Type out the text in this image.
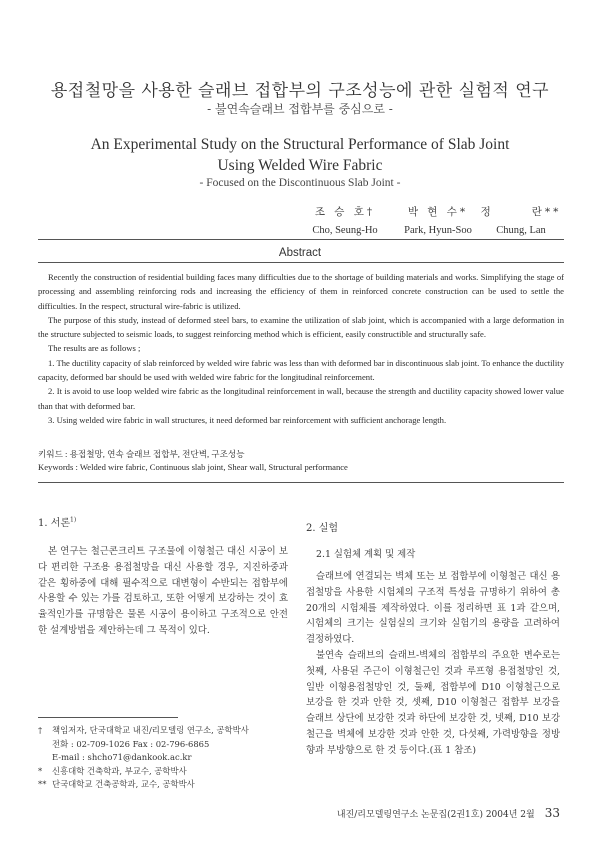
용접철망을 사용한 슬래브 접합부의 구조성능에 관한 실험적 연구
- 불연속슬래브 접합부를 중심으로 -
An Experimental Study on the Structural Performance of Slab Joint
Using Welded Wire Fabric
- Focused on the Discontinuous Slab Joint -
조 승 호†
Cho, Seung-Ho
박 현 수*
Park, Hyun-Soo
정      란**
Chung, Lan
Abstract

Recently the construction of residential building faces many difficulties due to the shortage of building materials and works. Simplifying the stage of processing and assembling reinforcing rods and increasing the efficiency of them in reinforced concrete construction can be used to settle the difficulties. In the respect, structural wire-fabric is utilized.

The purpose of this study, instead of deformed steel bars, to examine the utilization of slab joint, which is accompanied with a large deformation in the structure subjected to seismic loads, to suggest reinforcing method which is efficient, easily constructible and structurally safe.

The results are as follows ;

1. The ductility capacity of slab reinforced by welded wire fabric was less than with deformed bar in discontinuous slab joint. To enhance the ductility capacity, deformed bar should be used with welded wire fabric for the longitudinal reinforcement.

2. It is avoid to use loop welded wire fabric as the longitudinal reinforcement in wall, because the strength and ductility capacity showed lower value than that with deformed bar.

3. Using welded wire fabric in wall structures, it need deformed bar reinforcement with sufficient anchorage length.

키워드 : 용접철망, 연속 슬래브 접합부, 전단벽, 구조성능
Keywords : Welded wire fabric, Continuous slab joint, Shear wall, Structural performance
1. 서론$^{1)}$

본 연구는 철근콘크리트 구조물에 이형철근 대신 시공이 보다 편리한 구조용 용접철망을 대신 사용할 경우, 지진하중과 같은 횡하중에 대해 필수적으로 대변형이 수반되는 접합부에 사용할 수 있는 가를 검토하고, 또한 어떻게 보강하는 것이 효율적인가를 규명함은 물론 시공이 용이하고 구조적으로 안전한 설계방법을 제안하는데 그 목적이 있다.

2. 실험
2.1 실험체 계획 및 제작

슬래브에 연결되는 벽체 또는 보 접합부에 이형철근 대신 용접철망을 사용한 시험체의 구조적 특성을 규명하기 위하여 총 20개의 시험체를 제작하였다. 이를 정리하면 표 1과 같으며, 시험체의 크기는 실험실의 크기와 실험기의 용량을 고려하여 결정하였다.

불연속 슬래브의 슬래브-벽체의 접합부의 주요한 변수로는 첫째, 사용된 주근이 이형철근인 것과 루프형 용접철망인 것, 일반 이형용접철망인 것, 둘째, 접합부에 D10 이형철근으로 보강을 한 것과 안한 것, 셋째, D10 이형철근 접합부 보강을 슬래브 상단에 보강한 것과 하단에 보강한 것, 넷째, D10 보강철근을 벽체에 보강한 것과 안한 것, 다섯째, 가력방향을 정방향과 부방향으로 한 것 등이다.(표 1 참조)

†	책임저자, 단국대학교 내진/리모델링 연구소, 공학박사
전화 : 02-709-1026 Fax : 02-796-6865
E-mail : shcho71@dankook.ac.kr
*	신흥대학 건축학과, 부교수, 공학박사
** 단국대학교 건축공학과, 교수, 공학박사
내진/리모델링연구소 논문집(2권1호) 2004년 2월 33
